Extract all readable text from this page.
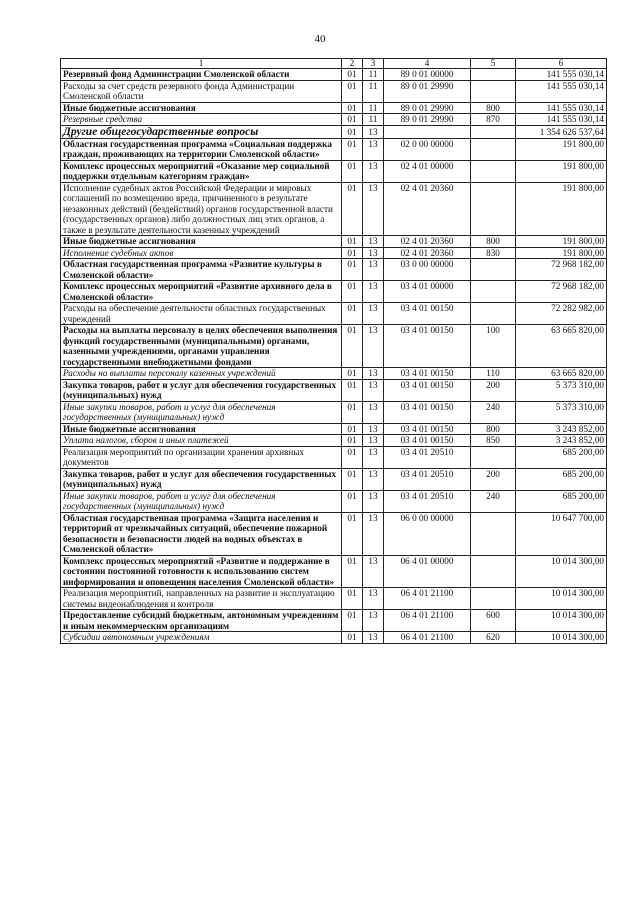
40
1	2	3	4	5	6
Резервный фонд Администрации Смоленской области	01	11	89 0 01 00000		141 555 030,14
Расходы за счет средств резервного фонда Администрации Смоленской области	01	11	89 0 01 29990		141 555 030,14
Иные бюджетные ассигнования	01	11	89 0 01 29990	800	141 555 030,14
Резервные средства	01	11	89 0 01 29990	870	141 555 030,14
Другие общегосударственные вопросы	01	13			1 354 626 537,64
Областная государственная программа «Социальная поддержка граждан, проживающих на территории Смоленской области»	01	13	02 0 00 00000		191 800,00
Комплекс процессных мероприятий «Оказание мер социальной поддержки отдельным категориям граждан»	01	13	02 4 01 00000		191 800,00
Исполнение судебных актов Российской Федерации и мировых соглашений по возмещению вреда, причиненного в результате незаконных действий (бездействий) органов государственной власти (государственных органов) либо должностных лиц этих органов, а также в результате деятельности казенных учреждений	01	13	02 4 01 20360		191 800,00
Иные бюджетные ассигнования	01	13	02 4 01 20360	800	191 800,00
Исполнение судебных актов	01	13	02 4 01 20360	830	191 800,00
Областная государственная программа «Развитие культуры в Смоленской области»	01	13	03 0 00 00000		72 968 182,00
Комплекс процессных мероприятий «Развитие архивного дела в Смоленской области»	01	13	03 4 01 00000		72 968 182,00
Расходы на обеспечение деятельности областных государственных учреждений	01	13	03 4 01 00150		72 282 982,00
Расходы на выплаты персоналу в целях обеспечения выполнения функций государственными (муниципальными) органами, казенными учреждениями, органами управления государственными внебюджетными фондами	01	13	03 4 01 00150	100	63 665 820,00
Расходы на выплаты персоналу казенных учреждений	01	13	03 4 01 00150	110	63 665 820,00
Закупка товаров, работ и услуг для обеспечения государственных (муниципальных) нужд	01	13	03 4 01 00150	200	5 373 310,00
Иные закупки товаров, работ и услуг для обеспечения государственных (муниципальных) нужд	01	13	03 4 01 00150	240	5 373 310,00
Иные бюджетные ассигнования	01	13	03 4 01 00150	800	3 243 852,00
Уплата налогов, сборов и иных платежей	01	13	03 4 01 00150	850	3 243 852,00
Реализация мероприятий по организации хранения архивных документов	01	13	03 4 01 20510		685 200,00
Закупка товаров, работ и услуг для обеспечения государственных (муниципальных) нужд	01	13	03 4 01 20510	200	685 200,00
Иные закупки товаров, работ и услуг для обеспечения государственных (муниципальных) нужд	01	13	03 4 01 20510	240	685 200,00
Областная государственная программа «Защита населения и территорий от чрезвычайных ситуаций, обеспечение пожарной безопасности и безопасности людей на водных объектах в Смоленской области»	01	13	06 0 00 00000		10 647 700,00
Комплекс процессных мероприятий «Развитие и поддержание в состоянии постоянной готовности к использованию систем информирования и оповещения населения Смоленской области»	01	13	06 4 01 00000		10 014 300,00
Реализация мероприятий, направленных на развитие и эксплуатацию системы видеонаблюдения и контроля	01	13	06 4 01 21100		10 014 300,00
Предоставление субсидий бюджетным, автономным учреждениям и иным некоммерческим организациям	01	13	06 4 01 21100	600	10 014 300,00
Субсидии автономным учреждениям	01	13	06 4 01 21100	620	10 014 300,00
